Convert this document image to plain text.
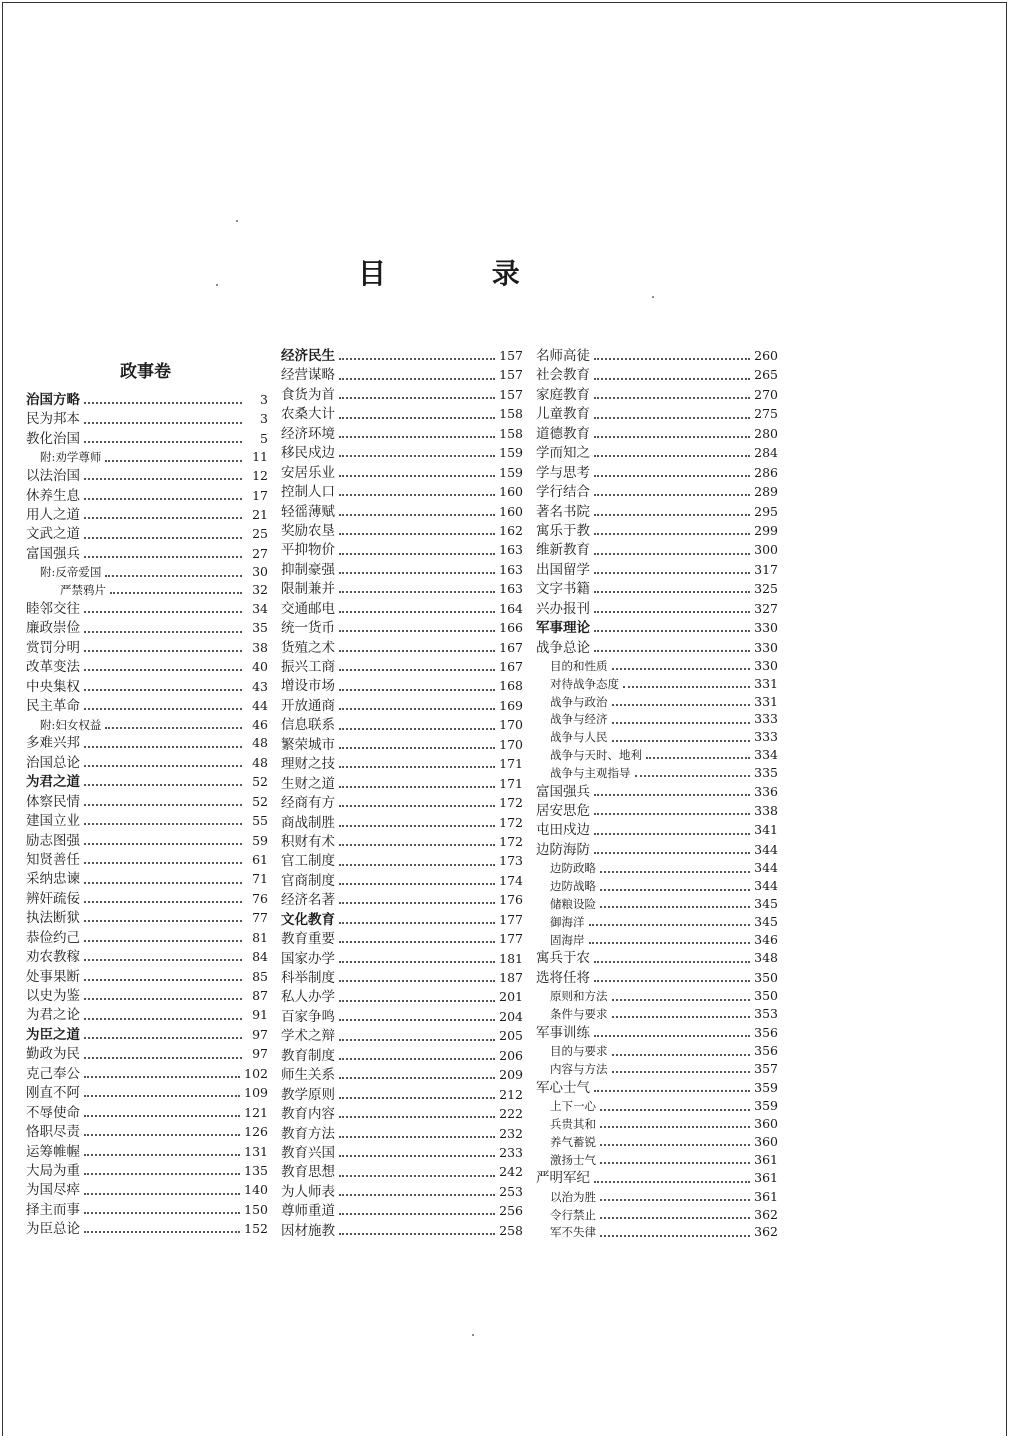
目 录
政事卷
治国方略	3
民为邦本	3
教化治国	5
附:劝学尊师	11
以法治国	12
休养生息	17
用人之道	21
文武之道	25
富国强兵	27
附:反帝爱国	30
严禁鸦片	32
睦邻交往	34
廉政崇俭	35
赏罚分明	38
改革变法	40
中央集权	43
民主革命	44
附:妇女权益	46
多难兴邦	48
治国总论	48
为君之道	52
体察民情	52
建国立业	55
励志图强	59
知贤善任	61
采纳忠谏	71
辨奸疏佞	76
执法断狱	77
恭俭约己	81
劝农教稼	84
处事果断	85
以史为鉴	87
为君之论	91
为臣之道	97
勤政为民	97
克己奉公	102
刚直不阿	109
不辱使命	121
恪职尽责	126
运筹帷幄	131
大局为重	135
为国尽瘁	140
择主而事	150
为臣总论	152
经济民生	157
经营谋略	157
食货为首	157
农桑大计	158
经济环境	158
移民戍边	159
安居乐业	159
控制人口	160
轻徭薄赋	160
奖励农垦	162
平抑物价	163
抑制豪强	163
限制兼并	163
交通邮电	164
统一货币	166
货殖之术	167
振兴工商	167
增设市场	168
开放通商	169
信息联系	170
繁荣城市	170
理财之技	171
生财之道	171
经商有方	172
商战制胜	172
积财有术	172
官工制度	173
官商制度	174
经济名著	176
文化教育	177
教育重要	177
国家办学	181
科举制度	187
私人办学	201
百家争鸣	204
学术之辩	205
教育制度	206
师生关系	209
教学原则	212
教育内容	222
教育方法	232
教育兴国	233
教育思想	242
为人师表	253
尊师重道	256
因材施教	258
名师高徒	260
社会教育	265
家庭教育	270
儿童教育	275
道德教育	280
学而知之	284
学与思考	286
学行结合	289
著名书院	295
寓乐于教	299
维新教育	300
出国留学	317
文字书籍	325
兴办报刊	327
军事理论	330
战争总论	330
目的和性质	330
对待战争态度	331
战争与政治	331
战争与经济	333
战争与人民	333
战争与天时、地利	334
战争与主观指导	335
富国强兵	336
居安思危	338
屯田戍边	341
边防海防	344
边防政略	344
边防战略	344
储粮设险	345
御海洋	345
固海岸	346
寓兵于农	348
选将任将	350
原则和方法	350
条件与要求	353
军事训练	356
目的与要求	356
内容与方法	357
军心士气	359
上下一心	359
兵贵其和	360
养气蓄锐	360
激扬士气	361
严明军纪	361
以治为胜	361
令行禁止	362
军不失律	362
